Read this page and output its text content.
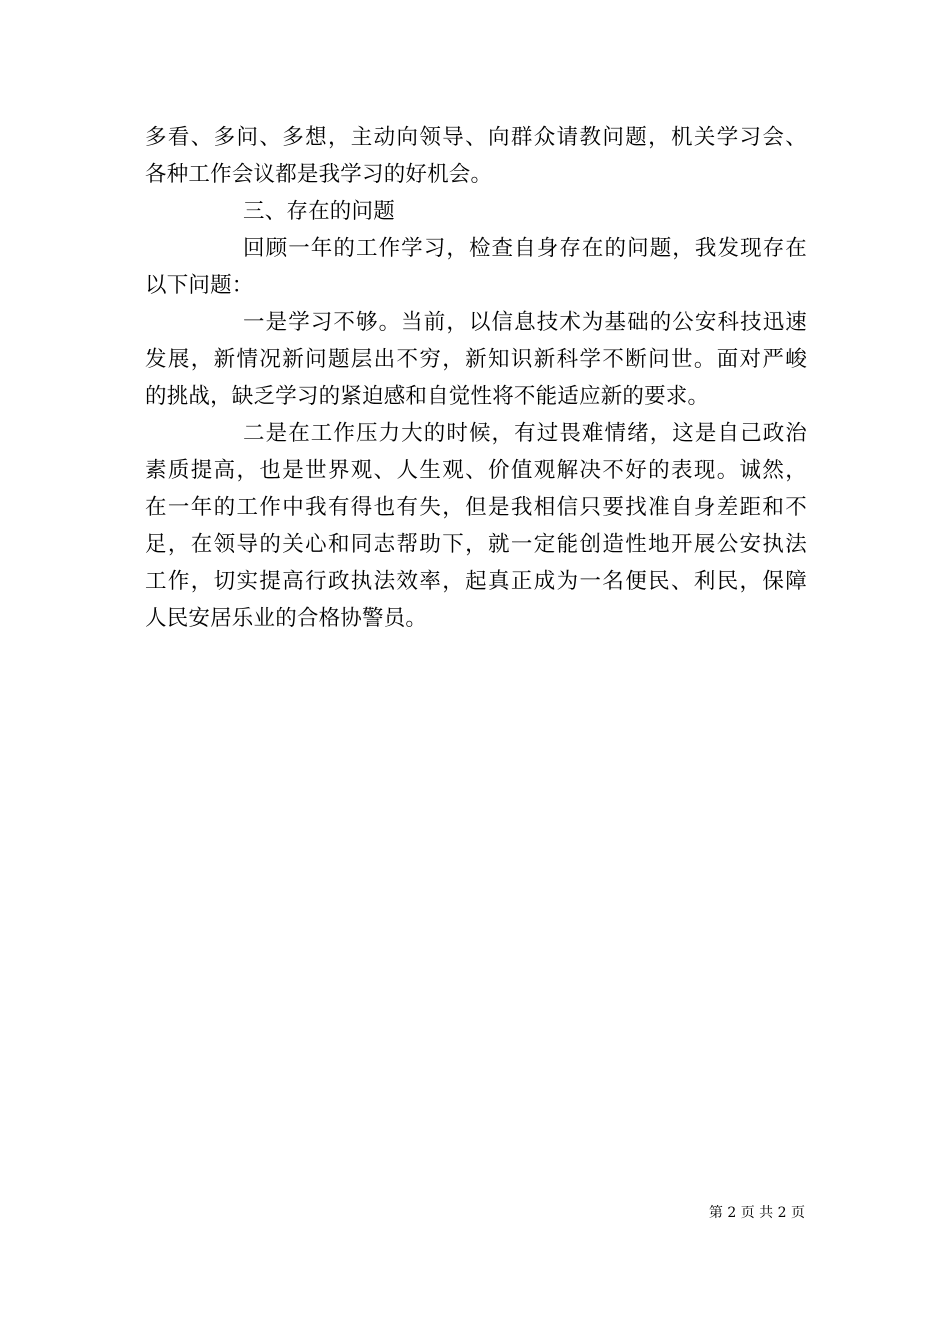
多看、多问、多想，主动向领导、向群众请教问题，机关学习会、
各种工作会议都是我学习的好机会。
三、存在的问题
回顾一年的工作学习，检查自身存在的问题，我发现存在
以下问题：
一是学习不够。当前，以信息技术为基础的公安科技迅速
发展，新情况新问题层出不穷，新知识新科学不断问世。面对严峻
的挑战，缺乏学习的紧迫感和自觉性将不能适应新的要求。
二是在工作压力大的时候，有过畏难情绪，这是自己政治
素质提高，也是世界观、人生观、价值观解决不好的表现。诚然，
在一年的工作中我有得也有失，但是我相信只要找准自身差距和不
足，在领导的关心和同志帮助下，就一定能创造性地开展公安执法
工作，切实提高行政执法效率，起真正成为一名便民、利民，保障
人民安居乐业的合格协警员。
第 2 页 共 2 页
